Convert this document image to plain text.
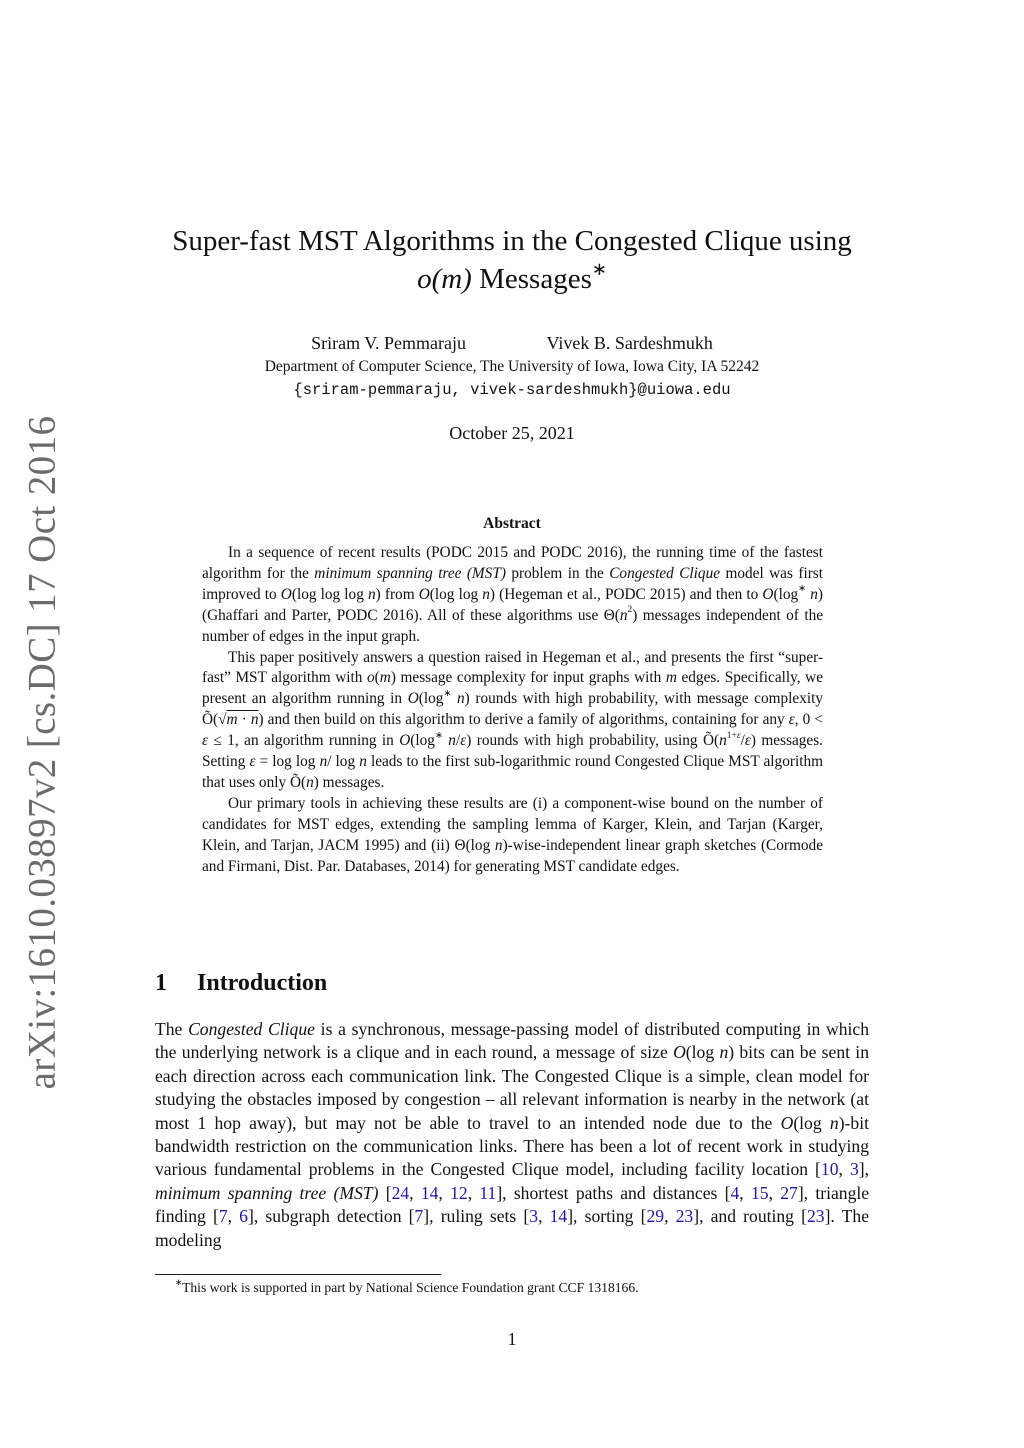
arXiv:1610.03897v2 [cs.DC] 17 Oct 2016
Super-fast MST Algorithms in the Congested Clique using
o(m) Messages∗
Sriram V. Pemmaraju	Vivek B. Sardeshmukh
Department of Computer Science, The University of Iowa, Iowa City, IA 52242
{sriram-pemmaraju, vivek-sardeshmukh}@uiowa.edu
October 25, 2021
Abstract

In a sequence of recent results (PODC 2015 and PODC 2016), the running time of the fastest algorithm for the minimum spanning tree (MST) problem in the Congested Clique model was first improved to O(log log log n) from O(log log n) (Hegeman et al., PODC 2015) and then to O(log∗ n) (Ghaffari and Parter, PODC 2016). All of these algorithms use $\Theta(n^2)$ messages independent of the number of edges in the input graph.

This paper positively answers a question raised in Hegeman et al., and presents the first “super-fast” MST algorithm with o(m) message complexity for input graphs with m edges. Specifically, we present an algorithm running in O(log∗ n) rounds with high probability, with message complexity Õ(√m · n) and then build on this algorithm to derive a family of algorithms, containing for any ε, 0 < ε ≤ 1, an algorithm running in O(log∗ n/ε) rounds with high probability, using $Õ(n^{1+\varepsilon}/\varepsilon)$ messages. Setting ε = log log n/ log n leads to the first sub-logarithmic round Congested Clique MST algorithm that uses only Õ(n) messages.

Our primary tools in achieving these results are (i) a component-wise bound on the number of candidates for MST edges, extending the sampling lemma of Karger, Klein, and Tarjan (Karger, Klein, and Tarjan, JACM 1995) and (ii) Θ(log n)-wise-independent linear graph sketches (Cormode and Firmani, Dist. Par. Databases, 2014) for generating MST candidate edges.

1 Introduction

The Congested Clique is a synchronous, message-passing model of distributed computing in which the underlying network is a clique and in each round, a message of size O(log n) bits can be sent in each direction across each communication link. The Congested Clique is a simple, clean model for studying the obstacles imposed by congestion – all relevant information is nearby in the network (at most 1 hop away), but may not be able to travel to an intended node due to the O(log n)-bit bandwidth restriction on the communication links. There has been a lot of recent work in studying various fundamental problems in the Congested Clique model, including facility location [10, 3], minimum spanning tree (MST) [24, 14, 12, 11], shortest paths and distances [4, 15, 27], triangle finding [7, 6], subgraph detection [7], ruling sets [3, 14], sorting [29, 23], and routing [23]. The modeling

∗This work is supported in part by National Science Foundation grant CCF 1318166.
1
